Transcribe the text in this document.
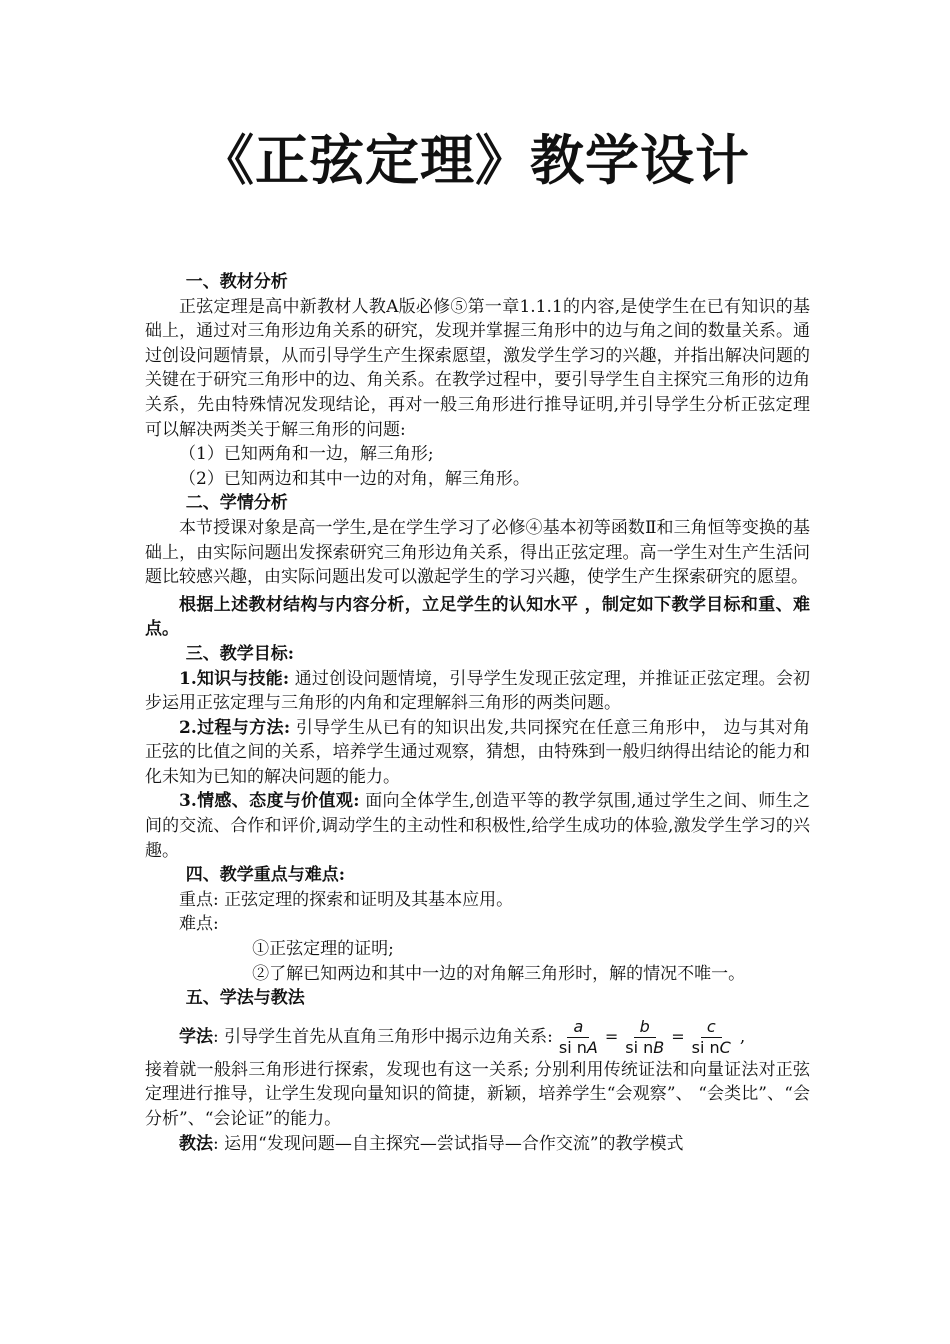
《正弦定理》教学设计

一、教材分析

正弦定理是高中新教材人教A版必修⑤第一章1.1.1的内容,是使学生在已有知识的基础上，通过对三角形边角关系的研究，发现并掌握三角形中的边与角之间的数量关系。通过创设问题情景，从而引导学生产生探索愿望，激发学生学习的兴趣，并指出解决问题的关键在于研究三角形中的边、角关系。在教学过程中，要引导学生自主探究三角形的边角关系，先由特殊情况发现结论，再对一般三角形进行推导证明,并引导学生分析正弦定理可以解决两类关于解三角形的问题:

（1）已知两角和一边，解三角形;

（2）已知两边和其中一边的对角，解三角形。

二、学情分析

本节授课对象是高一学生,是在学生学习了必修④基本初等函数Ⅱ和三角恒等变换的基础上，由实际问题出发探索研究三角形边角关系，得出正弦定理。高一学生对生产生活问题比较感兴趣，由实际问题出发可以激起学生的学习兴趣，使学生产生探索研究的愿望。

根据上述教材结构与内容分析，立足学生的认知水平 ，制定如下教学目标和重、难点。

三、教学目标:

1.知识与技能: 通过创设问题情境，引导学生发现正弦定理，并推证正弦定理。会初步运用正弦定理与三角形的内角和定理解斜三角形的两类问题。

2.过程与方法: 引导学生从已有的知识出发,共同探究在任意三角形中， 边与其对角正弦的比值之间的关系，培养学生通过观察，猜想，由特殊到一般归纳得出结论的能力和化未知为已知的解决问题的能力。

3.情感、态度与价值观: 面向全体学生,创造平等的教学氛围,通过学生之间、师生之间的交流、合作和评价,调动学生的主动性和积极性,给学生成功的体验,激发学生学习的兴趣。

四、教学重点与难点:

重点: 正弦定理的探索和证明及其基本应用。

难点:

①正弦定理的证明;

②了解已知两边和其中一边的对角解三角形时，解的情况不唯一。

五、学法与教法

学法: 引导学生首先从直角三角形中揭示边角关系: $\frac{a}{\text{si nA}} = \frac{b}{\text{si nB}} = \frac{c}{\text{si nC}}$ ,

接着就一般斜三角形进行探索，发现也有这一关系; 分别利用传统证法和向量证法对正弦定理进行推导，让学生发现向量知识的简捷，新颖，培养学生“会观察”、 “会类比”、“会分析”、“会论证”的能力。

教法: 运用“发现问题—自主探究—尝试指导—合作交流”的教学模式
